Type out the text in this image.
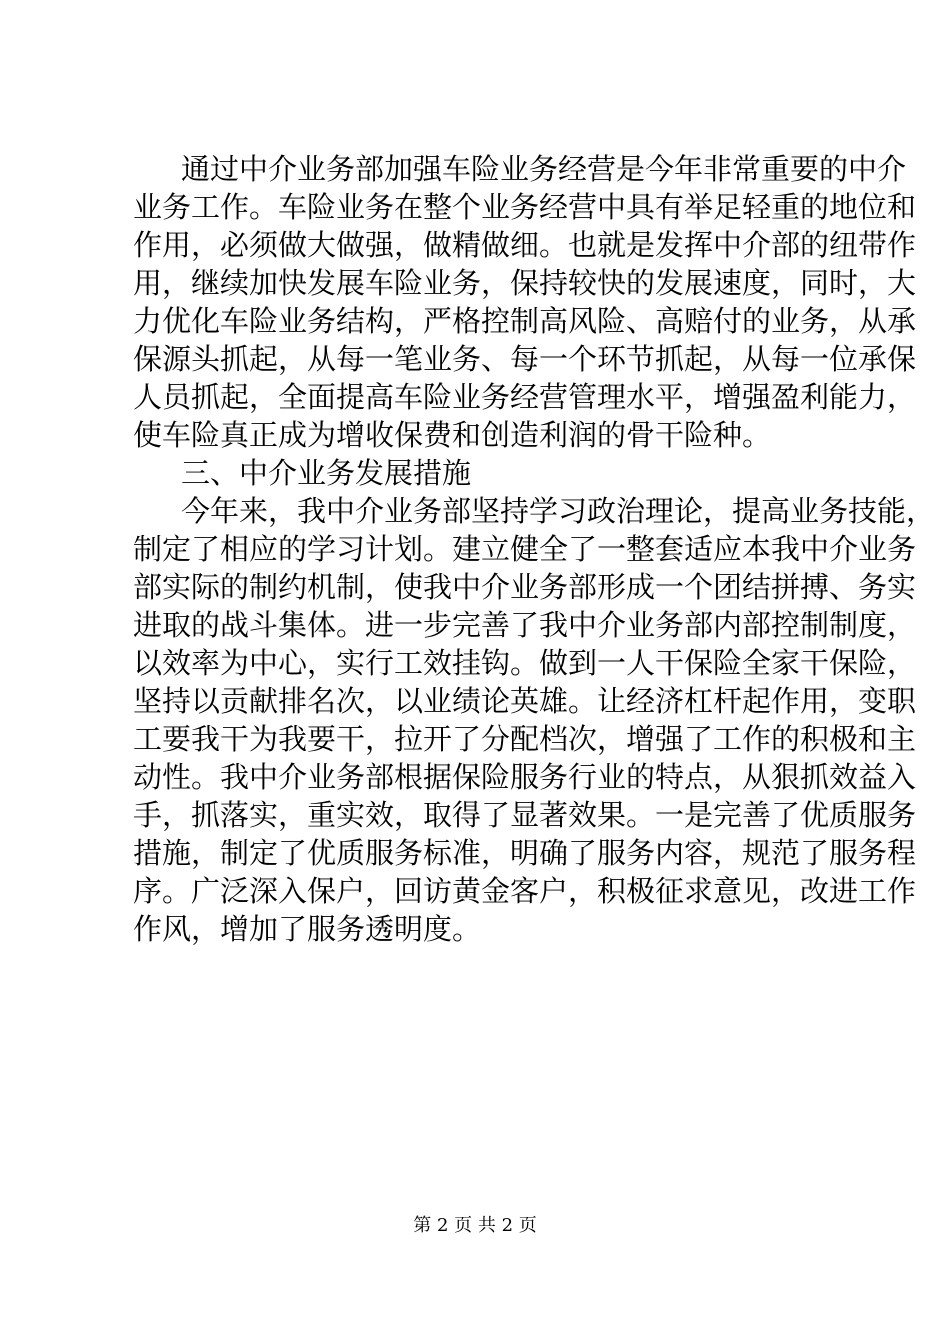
通过中介业务部加强车险业务经营是今年非常重要的中介
业务工作。车险业务在整个业务经营中具有举足轻重的地位和
作用，必须做大做强，做精做细。也就是发挥中介部的纽带作
用，继续加快发展车险业务，保持较快的发展速度，同时，大
力优化车险业务结构，严格控制高风险、高赔付的业务，从承
保源头抓起，从每一笔业务、每一个环节抓起，从每一位承保
人员抓起，全面提高车险业务经营管理水平，增强盈利能力，
使车险真正成为增收保费和创造利润的骨干险种。
三、中介业务发展措施
今年来，我中介业务部坚持学习政治理论，提高业务技能，
制定了相应的学习计划。建立健全了一整套适应本我中介业务
部实际的制约机制，使我中介业务部形成一个团结拼搏、务实
进取的战斗集体。进一步完善了我中介业务部内部控制制度，
以效率为中心，实行工效挂钩。做到一人干保险全家干保险，
坚持以贡献排名次，以业绩论英雄。让经济杠杆起作用，变职
工要我干为我要干，拉开了分配档次，增强了工作的积极和主
动性。我中介业务部根据保险服务行业的特点，从狠抓效益入
手，抓落实，重实效，取得了显著效果。一是完善了优质服务
措施，制定了优质服务标准，明确了服务内容，规范了服务程
序。广泛深入保户，回访黄金客户，积极征求意见，改进工作
作风，增加了服务透明度。
第 2 页 共 2 页
